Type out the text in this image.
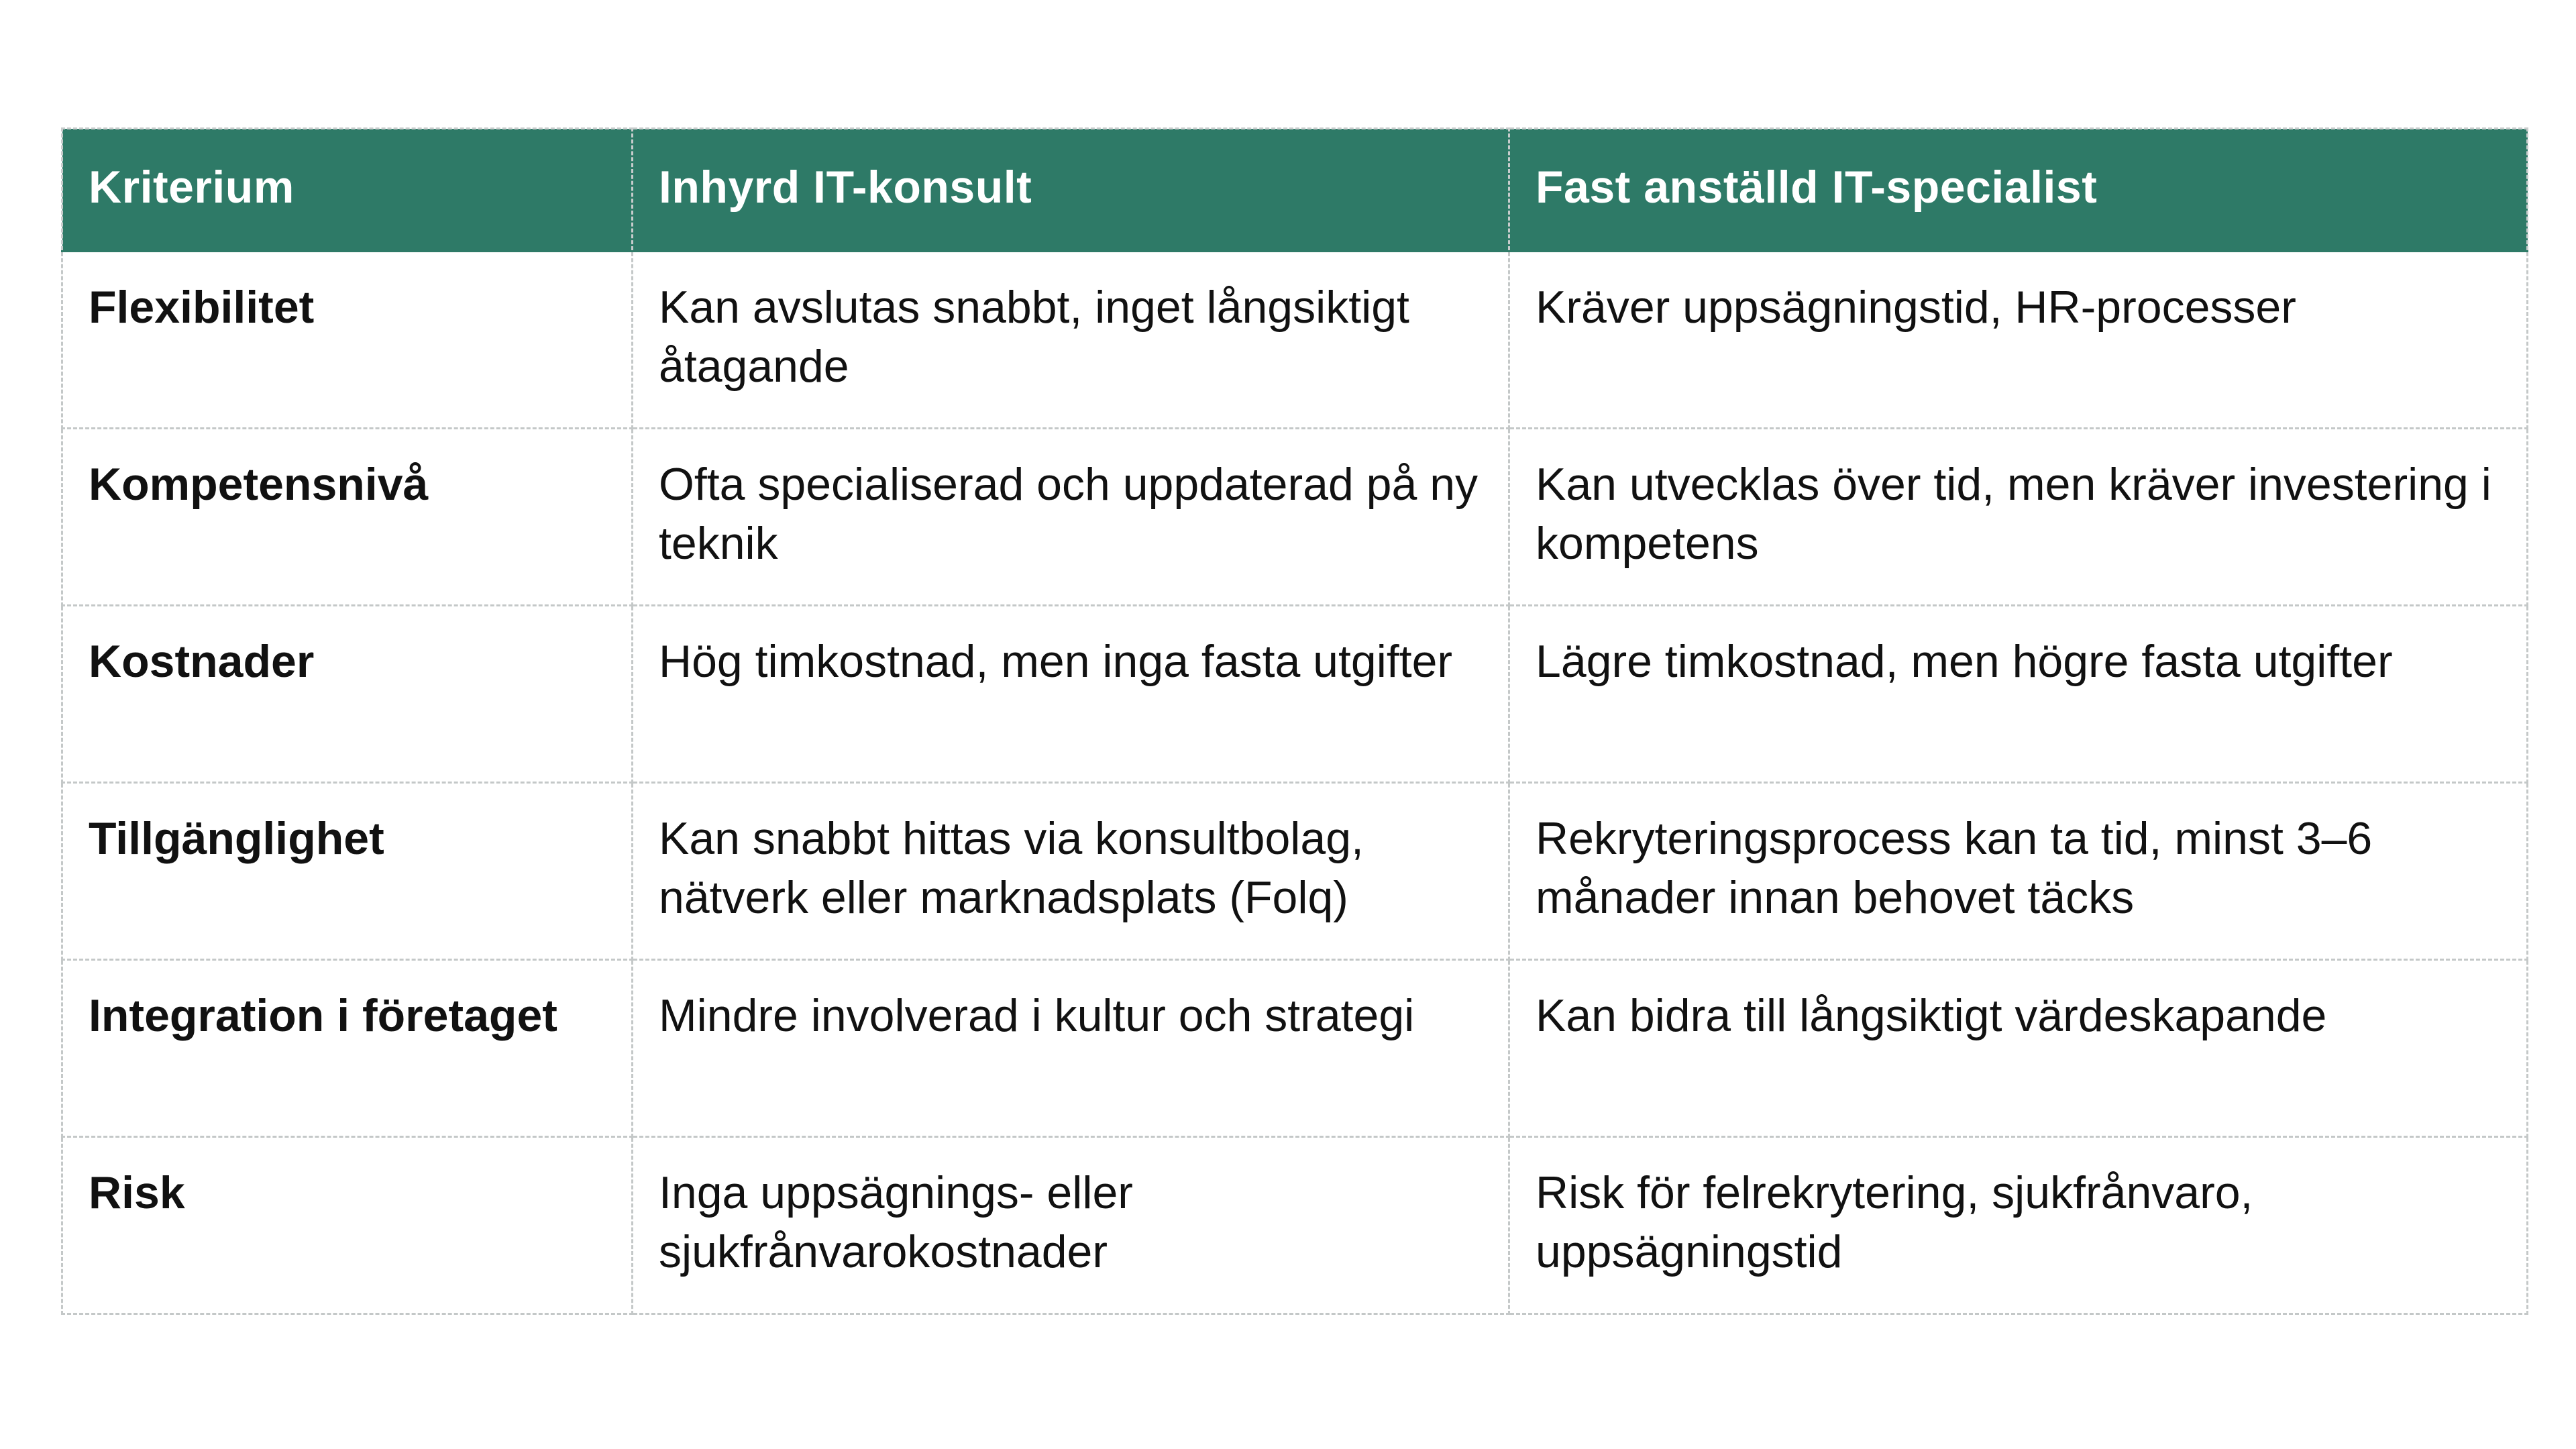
Kriterium	Inhyrd IT-konsult	Fast anställd IT-specialist
Flexibilitet	Kan avslutas snabbt, inget långsiktigt åtagande	Kräver uppsägningstid, HR-processer
Kompetensnivå	Ofta specialiserad och uppdaterad på ny teknik	Kan utvecklas över tid, men kräver investering i kompetens
Kostnader	Hög timkostnad, men inga fasta utgifter	Lägre timkostnad, men högre fasta utgifter
Tillgänglighet	Kan snabbt hittas via konsultbolag, nätverk eller marknadsplats (Folq)	Rekryteringsprocess kan ta tid, minst 3–6 månader innan behovet täcks
Integration i företaget	Mindre involverad i kultur och strategi	Kan bidra till långsiktigt värdeskapande
Risk	Inga uppsägnings- eller sjukfrånvarokostnader	Risk för felrekrytering, sjukfrånvaro, uppsägningstid
